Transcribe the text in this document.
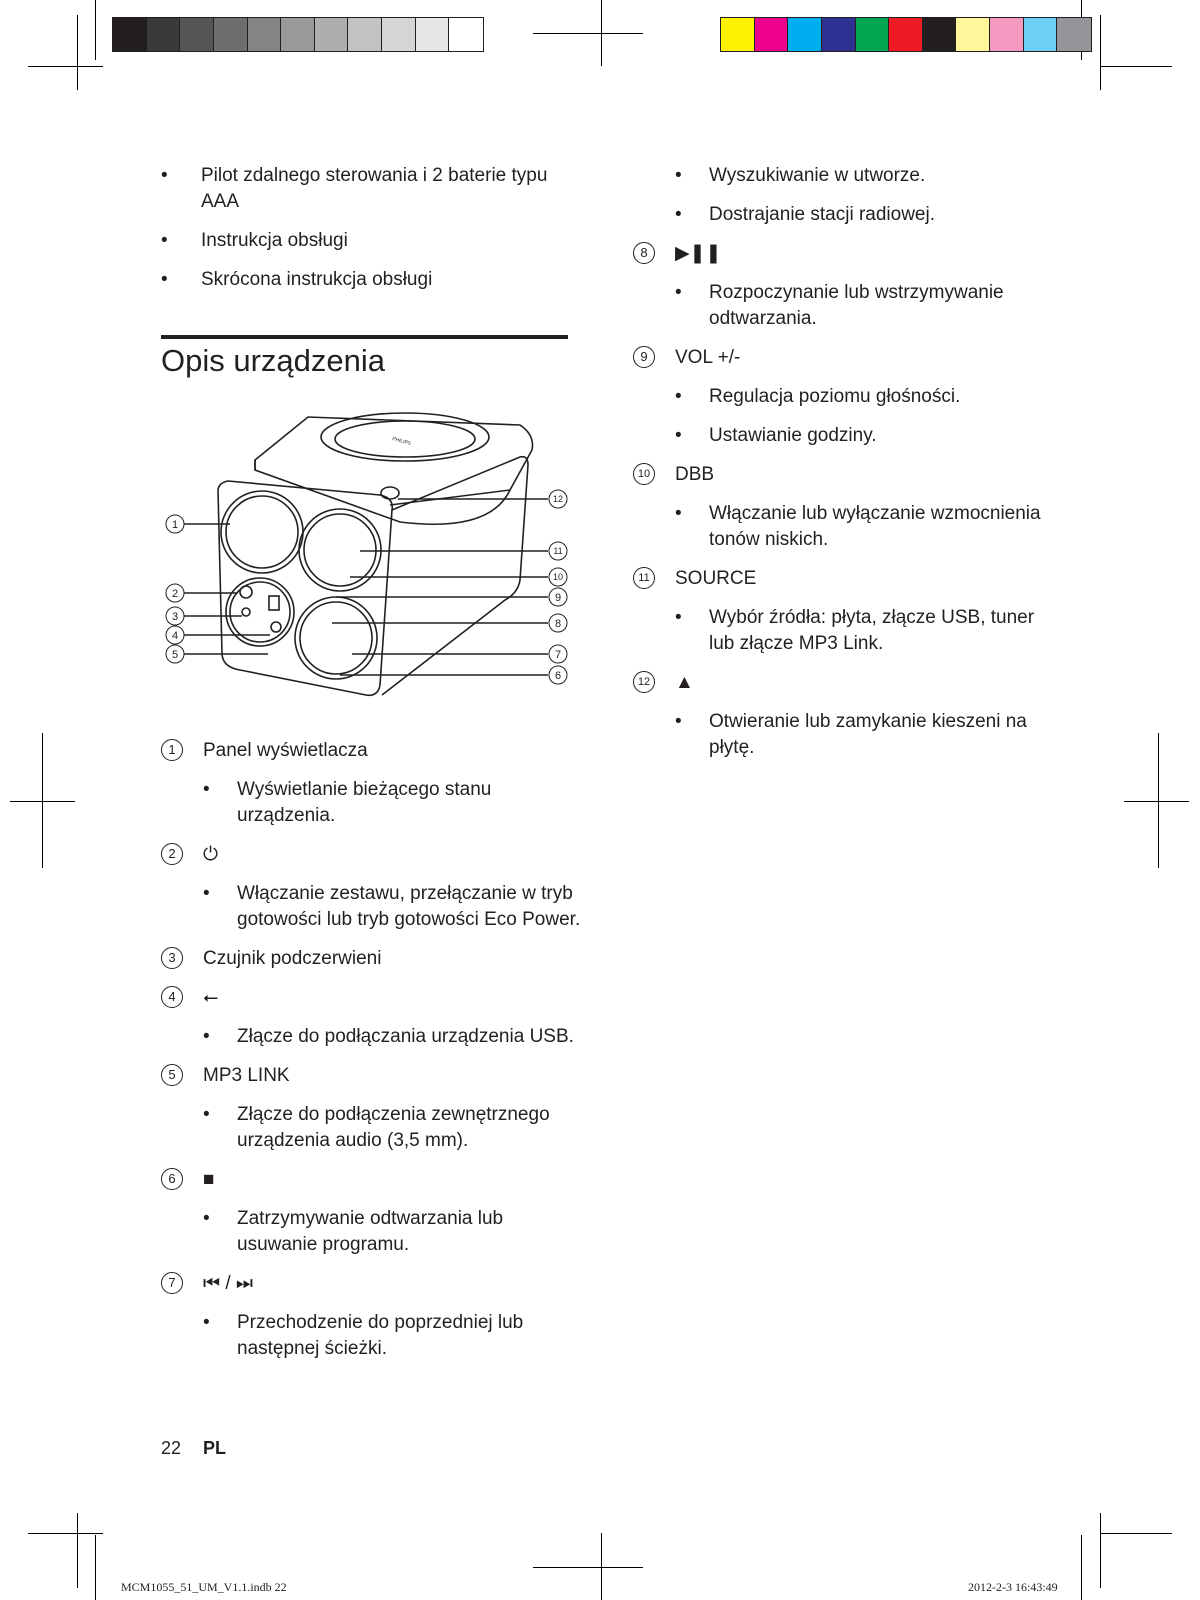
• Pilot zdalnego sterowania i 2 baterie typu AAA
• Instrukcja obsługi
• Skrócona instrukcja obsługi
Opis urządzenia
PHILIPS
1
2
3
4
5
6
7
8
9
10
11
12
1	Panel wyświetlacza
• Wyświetlanie bieżącego stanu urządzenia.
2	⏻
• Włączanie zestawu, przełączanie w tryb gotowości lub tryb gotowości Eco Power.
3	Czujnik podczerwieni
4	⭠
• Złącze do podłączania urządzenia USB.
5	MP3 LINK
• Złącze do podłączenia zewnętrznego urządzenia audio (3,5 mm).
6	■
• Zatrzymywanie odtwarzania lub usuwanie programu.
7	⏮ / ⏭
• Przechodzenie do poprzedniej lub następnej ścieżki.
• Wyszukiwanie w utworze.
• Dostrajanie stacji radiowej.
8	▶❚❚
• Rozpoczynanie lub wstrzymywanie odtwarzania.
9	VOL +/-
• Regulacja poziomu głośności.
• Ustawianie godziny.
10 DBB
• Włączanie lub wyłączanie wzmocnienia tonów niskich.
11 SOURCE
• Wybór źródła: płyta, złącze USB, tuner lub złącze MP3 Link.
12 ▲
• Otwieranie lub zamykanie kieszeni na płytę.
22 PL
MCM1055_51_UM_V1.1.indb 22	2012-2-3 16:43:49
